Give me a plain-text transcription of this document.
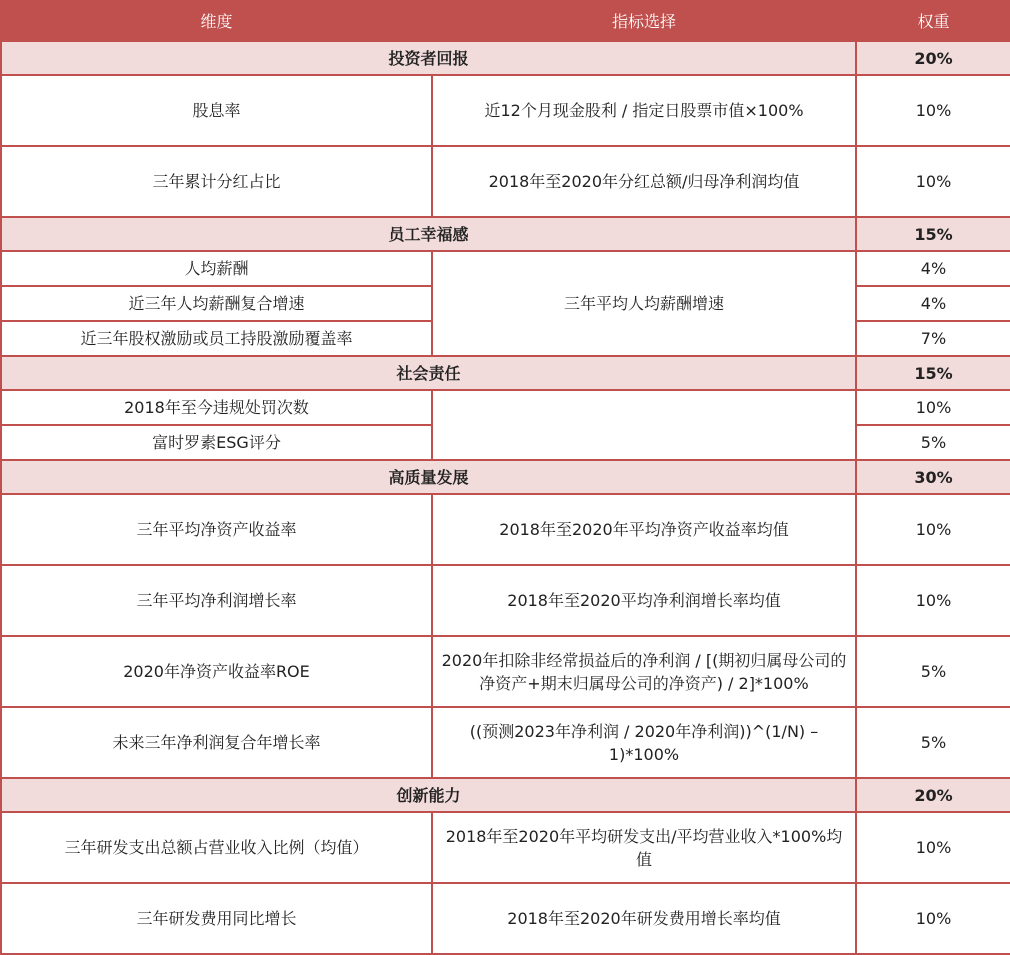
维度	指标选择	权重
投资者回报		20%
股息率	近12个月现金股利 / 指定日股票市值×100%	10%
三年累计分红占比	2018年至2020年分红总额/归母净利润均值	10%
员工幸福感		15%
人均薪酬	三年平均人均薪酬增速	4%
近三年人均薪酬复合增速		4%
近三年股权激励或员工持股激励覆盖率		7%
社会责任		15%
2018年至今违规处罚次数		10%
富时罗素ESG评分		5%
高质量发展		30%
三年平均净资产收益率	2018年至2020年平均净资产收益率均值	10%
三年平均净利润增长率	2018年至2020平均净利润增长率均值	10%
2020年净资产收益率ROE	2020年扣除非经常损益后的净利润 / [(期初归属母公司的净资产+期末归属母公司的净资产) / 2]*100%	5%
未来三年净利润复合年增长率	((预测2023年净利润 / 2020年净利润))^(1/N) – 1)*100%	5%
创新能力		20%
三年研发支出总额占营业收入比例（均值）	2018年至2020年平均研发支出/平均营业收入*100%均值	10%
三年研发费用同比增长	2018年至2020年研发费用增长率均值	10%
